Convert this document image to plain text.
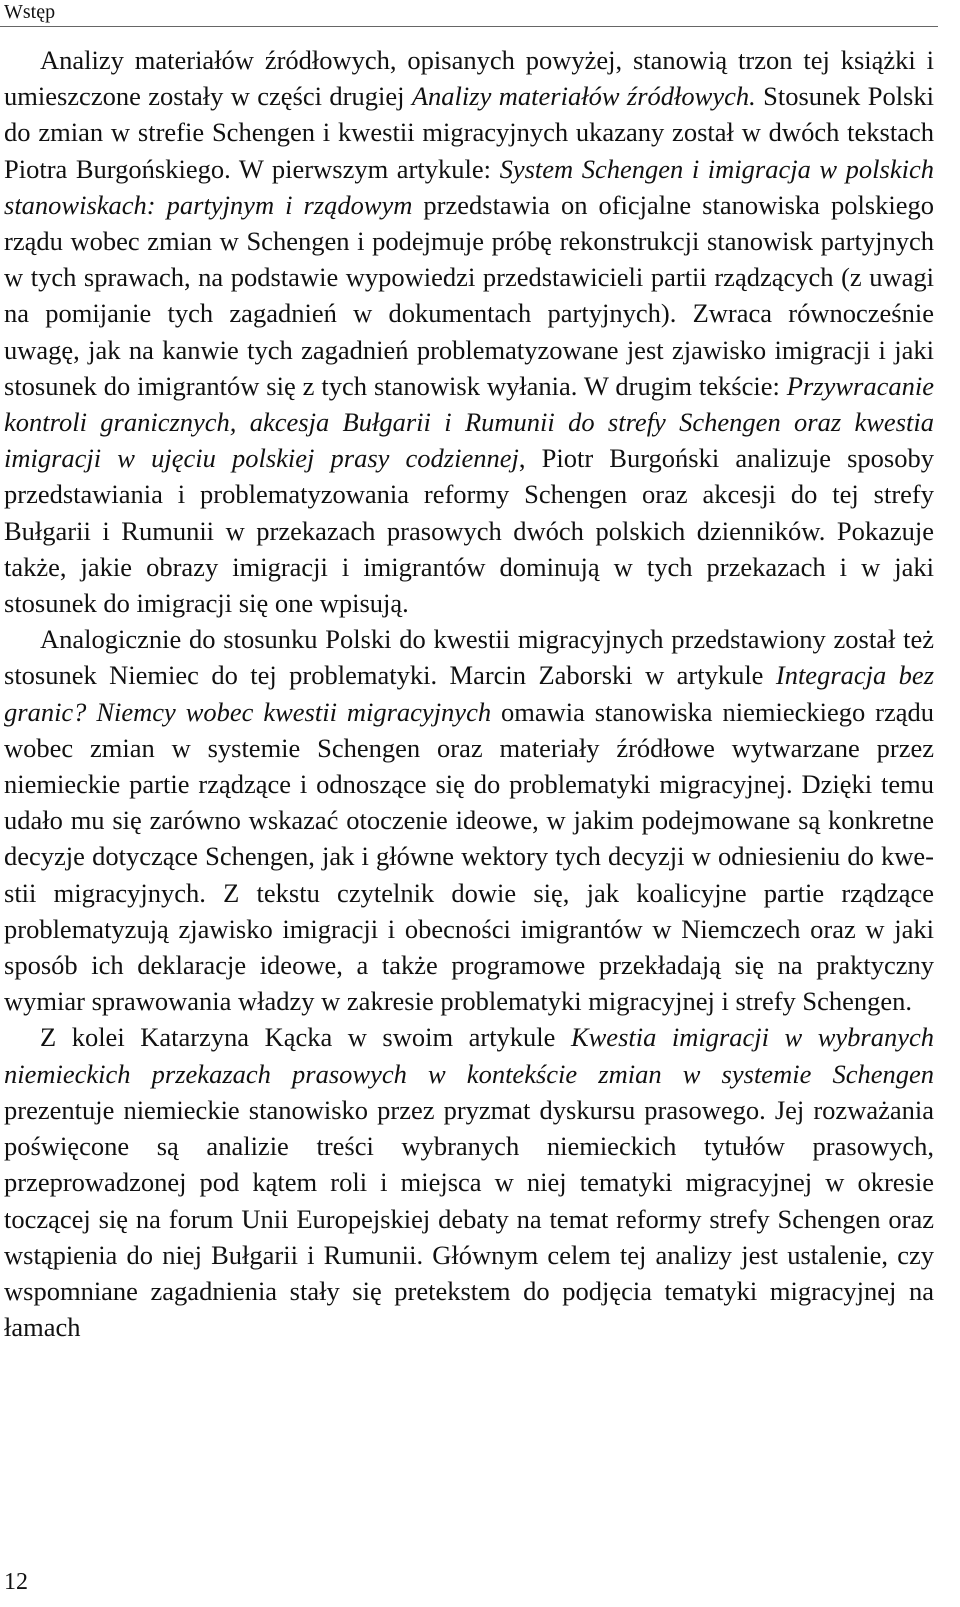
Wstęp

Analizy materiałów źródłowych, opisanych powyżej, stanowią trzon tej książki i umieszczone zostały w części drugiej Analizy materiałów źródłowych. Stosunek Polski do zmian w strefie Schengen i kwestii migracyjnych ukazany został w dwóch tekstach Piotra Burgońskiego. W pierwszym artykule: System Schengen i imigracja w polskich stanowiskach: partyjnym i rządowym przedstawia on oficjalne stanowiska polskiego rządu wobec zmian w Schengen i podejmuje próbę rekonstrukcji stanowisk partyjnych w tych sprawach, na podstawie wypowiedzi przedstawicieli partii rządzących (z uwagi na pomijanie tych zagadnień w dokumentach partyjnych). Zwraca równocześnie uwagę, jak na kanwie tych zagadnień problematyzowane jest zjawisko imigracji i jaki stosunek do imigrantów się z tych stanowisk wyłania. W drugim tekście: Przywracanie kontroli granicznych, akcesja Bułgarii i Rumunii do strefy Schengen oraz kwestia imigracji w ujęciu polskiej prasy codziennej, Piotr Burgoński analizuje sposoby przedstawiania i problematyzowania reformy Schengen oraz akcesji do tej strefy Bułgarii i Rumunii w przekazach prasowych dwóch polskich dzienników. Pokazuje także, jakie obrazy imigracji i imigrantów dominują w tych przekazach i w jaki stosunek do imigracji się one wpisują.

Analogicznie do stosunku Polski do kwestii migracyjnych przedstawiony został też stosunek Niemiec do tej problematyki. Marcin Zaborski w artykule Integracja bez granic? Niemcy wobec kwestii migracyjnych omawia stanowiska niemieckiego rządu wobec zmian w systemie Schengen oraz materiały źródłowe wytwarzane przez niemieckie partie rządzące i odnoszące się do problematyki migracyjnej. Dzięki temu udało mu się zarówno wskazać otoczenie ideowe, w jakim podejmowane są konkretne decyzje dotyczące Schengen, jak i główne wektory tych decyzji w odniesieniu do kwestii migracyjnych. Z tekstu czytelnik dowie się, jak koalicyjne partie rządzące problematyzują zjawisko imigracji i obecności imigrantów w Niemczech oraz w jaki sposób ich deklaracje ideowe, a także programowe przekładają się na praktyczny wymiar sprawowania władzy w zakresie problematyki migracyjnej i strefy Schengen.

Z kolei Katarzyna Kącka w swoim artykule Kwestia imigracji w wybranych niemieckich przekazach prasowych w kontekście zmian w systemie Schengen prezentuje niemieckie stanowisko przez pryzmat dyskursu prasowego. Jej rozważania poświęcone są analizie treści wybranych niemieckich tytułów prasowych, przeprowadzonej pod kątem roli i miejsca w niej tematyki migracyjnej w okresie toczącej się na forum Unii Europejskiej debaty na temat reformy strefy Schengen oraz wstąpienia do niej Bułgarii i Rumunii. Głównym celem tej analizy jest ustalenie, czy wspomniane zagadnienia stały się pretekstem do podjęcia tematyki migracyjnej na łamach

12
